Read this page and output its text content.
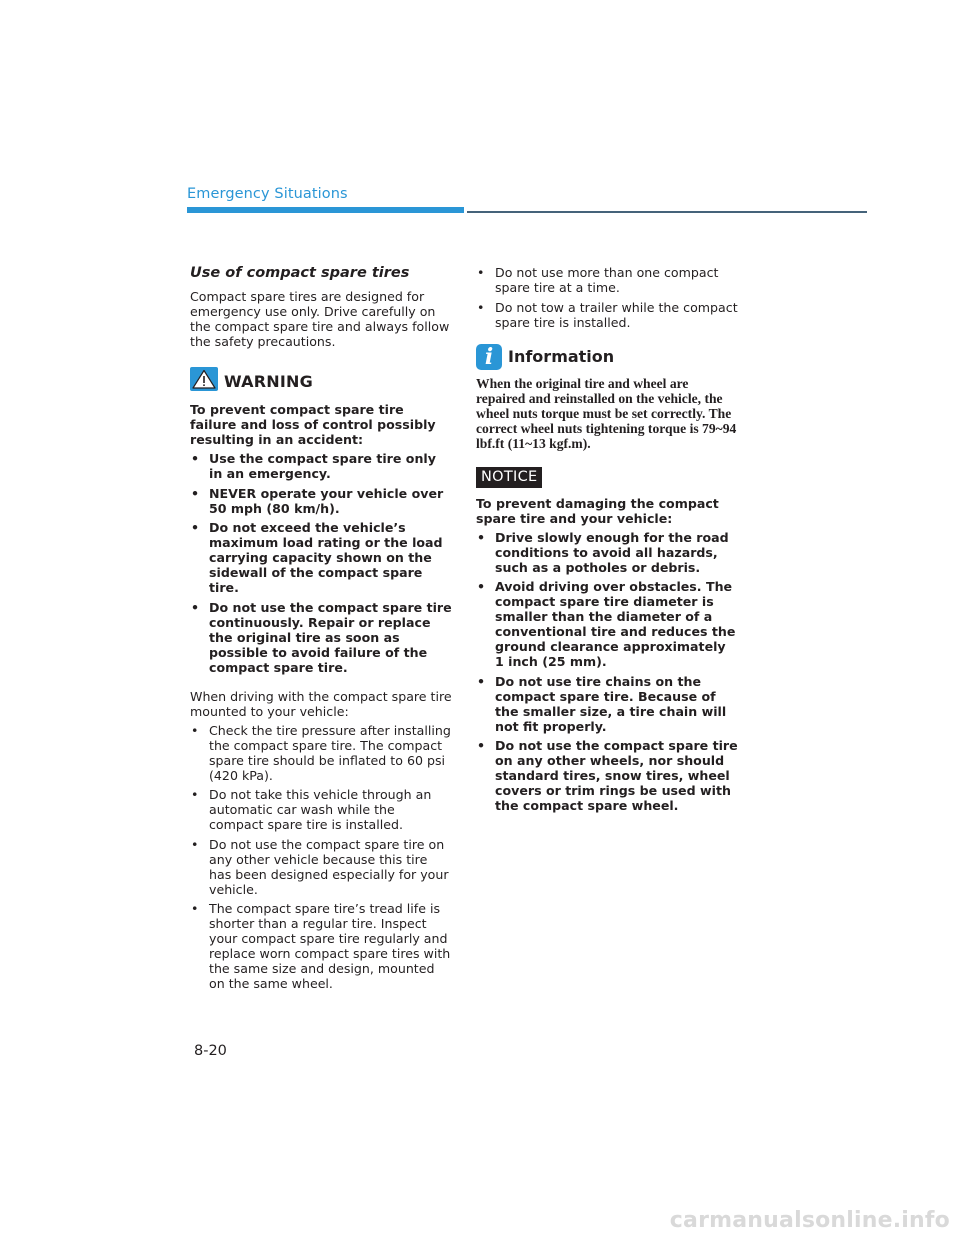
Emergency Situations
Use of compact spare tires

Compact spare tires are designed for emergency use only. Drive carefully on the compact spare tire and always follow the safety precautions.

WARNING

To prevent compact spare tire failure and loss of control possibly resulting in an accident:

• Use the compact spare tire only in an emergency.
• NEVER operate your vehicle over 50 mph (80 km/h).
• Do not exceed the vehicle’s maximum load rating or the load carrying capacity shown on the sidewall of the compact spare tire.
• Do not use the compact spare tire continuously. Repair or replace the original tire as soon as possible to avoid failure of the compact spare tire.

When driving with the compact spare tire mounted to your vehicle:

• Check the tire pressure after installing the compact spare tire. The compact spare tire should be inflated to 60 psi (420 kPa).
• Do not take this vehicle through an automatic car wash while the compact spare tire is installed.
• Do not use the compact spare tire on any other vehicle because this tire has been designed especially for your vehicle.
• The compact spare tire’s tread life is shorter than a regular tire. Inspect your compact spare tire regularly and replace worn compact spare tires with the same size and design, mounted on the same wheel.
• Do not use more than one compact spare tire at a time.
• Do not tow a trailer while the compact spare tire is installed.
i Information

When the original tire and wheel are repaired and reinstalled on the vehicle, the wheel nuts torque must be set correctly. The correct wheel nuts tightening torque is 79~94 lbf.ft (11~13 kgf.m).

NOTICE

To prevent damaging the compact spare tire and your vehicle:

• Drive slowly enough for the road conditions to avoid all hazards, such as a potholes or debris.
• Avoid driving over obstacles. The compact spare tire diameter is smaller than the diameter of a conventional tire and reduces the ground clearance approximately 1 inch (25 mm).
• Do not use tire chains on the compact spare tire. Because of the smaller size, a tire chain will not fit properly.
• Do not use the compact spare tire on any other wheels, nor should standard tires, snow tires, wheel covers or trim rings be used with the compact spare wheel.
8-20
carmanualsonline.info
